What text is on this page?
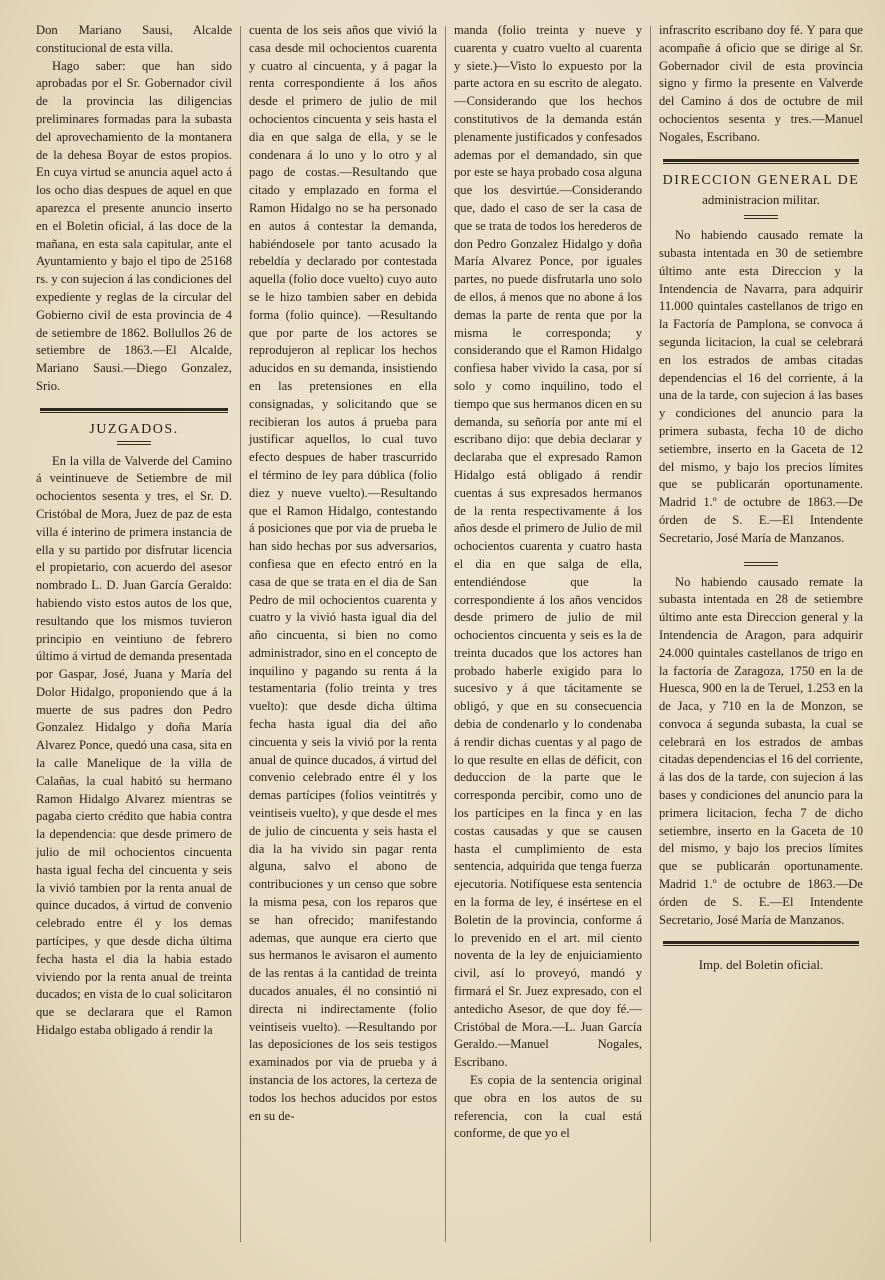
Don Mariano Sausi, Alcalde constitucional de esta villa.

Hago saber: que han sido aprobadas por el Sr. Gobernador civil de la provincia las diligencias preliminares formadas para la subasta del aprovechamiento de la montanera de la dehesa Boyar de estos propios. En cuya virtud se anuncia aquel acto á los ocho dias despues de aquel en que aparezca el presente anuncio inserto en el Boletin oficial, á las doce de la mañana, en esta sala capitular, ante el Ayuntamiento y bajo el tipo de 25168 rs. y con sujecion á las condiciones del expediente y reglas de la circular del Gobierno civil de esta provincia de 4 de setiembre de 1862. Bollullos 26 de setiembre de 1863.—El Alcalde, Mariano Sausi.—Diego Gonzalez, Srio.

JUZGADOS.

En la villa de Valverde del Camino á veintinueve de Setiembre de mil ochocientos sesenta y tres, el Sr. D. Cristóbal de Mora, Juez de paz de esta villa é interino de primera instancia de ella y su partido por disfrutar licencia el propietario, con acuerdo del asesor nombrado L. D. Juan García Geraldo: habiendo visto estos autos de los que, resultando que los mismos tuvieron principio en veintiuno de febrero último á virtud de demanda presentada por Gaspar, José, Juana y María del Dolor Hidalgo, proponiendo que á la muerte de sus padres don Pedro Gonzalez Hidalgo y doña María Alvarez Ponce, quedó una casa, sita en la calle Manelique de la villa de Calañas, la cual habitó su hermano Ramon Hidalgo Alvarez mientras se pagaba cierto crédito que habia contra la dependencia: que desde primero de julio de mil ochocientos cincuenta hasta igual fecha del cincuenta y seis la vivió tambien por la renta anual de quince ducados, á virtud de convenio celebrado entre él y los demas partícipes, y que desde dicha última fecha hasta el dia la habia estado viviendo por la renta anual de treinta ducados; en vista de lo cual solicitaron que se declarara que el Ramon Hidalgo estaba obligado á rendir la

cuenta de los seis años que vivió la casa desde mil ochocientos cuarenta y cuatro al cincuenta, y á pagar la renta correspondiente á los años desde el primero de julio de mil ochocientos cincuenta y seis hasta el dia en que salga de ella, y se le condenara á lo uno y lo otro y al pago de costas.—Resultando que citado y emplazado en forma el Ramon Hidalgo no se ha personado en autos á contestar la demanda, habiéndosele por tanto acusado la rebeldía y declarado por contestada aquella (folio doce vuelto) cuyo auto se le hizo tambien saber en debida forma (folio quince). —Resultando que por parte de los actores se reprodujeron al replicar los hechos aducidos en su demanda, insistiendo en las pretensiones en ella consignadas, y solicitando que se recibieran los autos á prueba para justificar aquellos, lo cual tuvo efecto despues de haber trascurrido el término de ley para dública (folio diez y nueve vuelto).—Resultando que el Ramon Hidalgo, contestando á posiciones que por via de prueba le han sido hechas por sus adversarios, confiesa que en efecto entró en la casa de que se trata en el dia de San Pedro de mil ochocientos cuarenta y cuatro y la vivió hasta igual dia del año cincuenta, si bien no como administrador, sino en el concepto de inquilino y pagando su renta á la testamentaria (folio treinta y tres vuelto): que desde dicha última fecha hasta igual dia del año cincuenta y seis la vivió por la renta anual de quince ducados, á virtud del convenio celebrado entre él y los demas partícipes (folios veintitrés y veintiseis vuelto), y que desde el mes de julio de cincuenta y seis hasta el dia la ha vivido sin pagar renta alguna, salvo el abono de contribuciones y un censo que sobre la misma pesa, con los reparos que se han ofrecido; manifestando ademas, que aunque era cierto que sus hermanos le avisaron el aumento de las rentas á la cantidad de treinta ducados anuales, él no consintió ni directa ni indirectamente (folio veintiseis vuelto). —Resultando por las deposiciones de los seis testigos examinados por via de prueba y á instancia de los actores, la certeza de todos los hechos aducidos por estos en su de-

manda (folio treinta y nueve y cuarenta y cuatro vuelto al cuarenta y siete.)—Visto lo expuesto por la parte actora en su escrito de alegato.—Considerando que los hechos constitutivos de la demanda están plenamente justificados y confesados ademas por el demandado, sin que por este se haya probado cosa alguna que los desvirtúe.—Considerando que, dado el caso de ser la casa de que se trata de todos los herederos de don Pedro Gonzalez Hidalgo y doña María Alvarez Ponce, por iguales partes, no puede disfrutarla uno solo de ellos, á menos que no abone á los demas la parte de renta que por la misma le corresponda; y considerando que el Ramon Hidalgo confiesa haber vivido la casa, por sí solo y como inquilino, todo el tiempo que sus hermanos dicen en su demanda, su señoría por ante mí el escribano dijo: que debia declarar y declaraba que el expresado Ramon Hidalgo está obligado á rendir cuentas á sus expresados hermanos de la renta respectivamente á los años desde el primero de Julio de mil ochocientos cuarenta y cuatro hasta el dia en que salga de ella, entendiéndose que la correspondiente á los años vencidos desde primero de julio de mil ochocientos cincuenta y seis es la de treinta ducados que los actores han probado haberle exigido para lo sucesivo y á que tácitamente se obligó, y que en su consecuencia debia de condenarlo y lo condenaba á rendir dichas cuentas y al pago de lo que resulte en ellas de déficit, con deduccion de la parte que le corresponda percibir, como uno de los partícipes en la finca y en las costas causadas y que se causen hasta el cumplimiento de esta sentencia, adquirida que tenga fuerza ejecutoria. Notifíquese esta sentencia en la forma de ley, é insértese en el Boletin de la provincia, conforme á lo prevenido en el art. mil ciento noventa de la ley de enjuiciamiento civil, así lo proveyó, mandó y firmará el Sr. Juez expresado, con el antedicho Asesor, de que doy fé.—Cristóbal de Mora.—L. Juan García Geraldo.—Manuel Nogales, Escribano.

Es copia de la sentencia original que obra en los autos de su referencia, con la cual está conforme, de que yo el

infrascrito escribano doy fé. Y para que acompañe á oficio que se dirige al Sr. Gobernador civil de esta provincia signo y firmo la presente en Valverde del Camino á dos de octubre de mil ochocientos sesenta y tres.—Manuel Nogales, Escribano.

DIRECCION GENERAL DE

administracion militar.

No habiendo causado remate la subasta intentada en 30 de setiembre último ante esta Direccion y la Intendencia de Navarra, para adquirir 11.000 quintales castellanos de trigo en la Factoría de Pamplona, se convoca á segunda licitacion, la cual se celebrará en los estrados de ambas citadas dependencias el 16 del corriente, á la una de la tarde, con sujecion á las bases y condiciones del anuncio para la primera subasta, fecha 10 de dicho setiembre, inserto en la Gaceta de 12 del mismo, y bajo los precios límites que se publicarán oportunamente. Madrid 1.º de octubre de 1863.—De órden de S. E.—El Intendente Secretario, José María de Manzanos.

No habiendo causado remate la subasta intentada en 28 de setiembre último ante esta Direccion general y la Intendencia de Aragon, para adquirir 24.000 quintales castellanos de trigo en la factoría de Zaragoza, 1750 en la de Huesca, 900 en la de Teruel, 1.253 en la de Jaca, y 710 en la de Monzon, se convoca á segunda subasta, la cual se celebrará en los estrados de ambas citadas dependencias el 16 del corriente, á las dos de la tarde, con sujecion á las bases y condiciones del anuncio para la primera licitacion, fecha 7 de dicho setiembre, inserto en la Gaceta de 10 del mismo, y bajo los precios límites que se publicarán oportunamente. Madrid 1.º de octubre de 1863.—De órden de S. E.—El Intendente Secretario, José María de Manzanos.

Imp. del Boletin oficial.
